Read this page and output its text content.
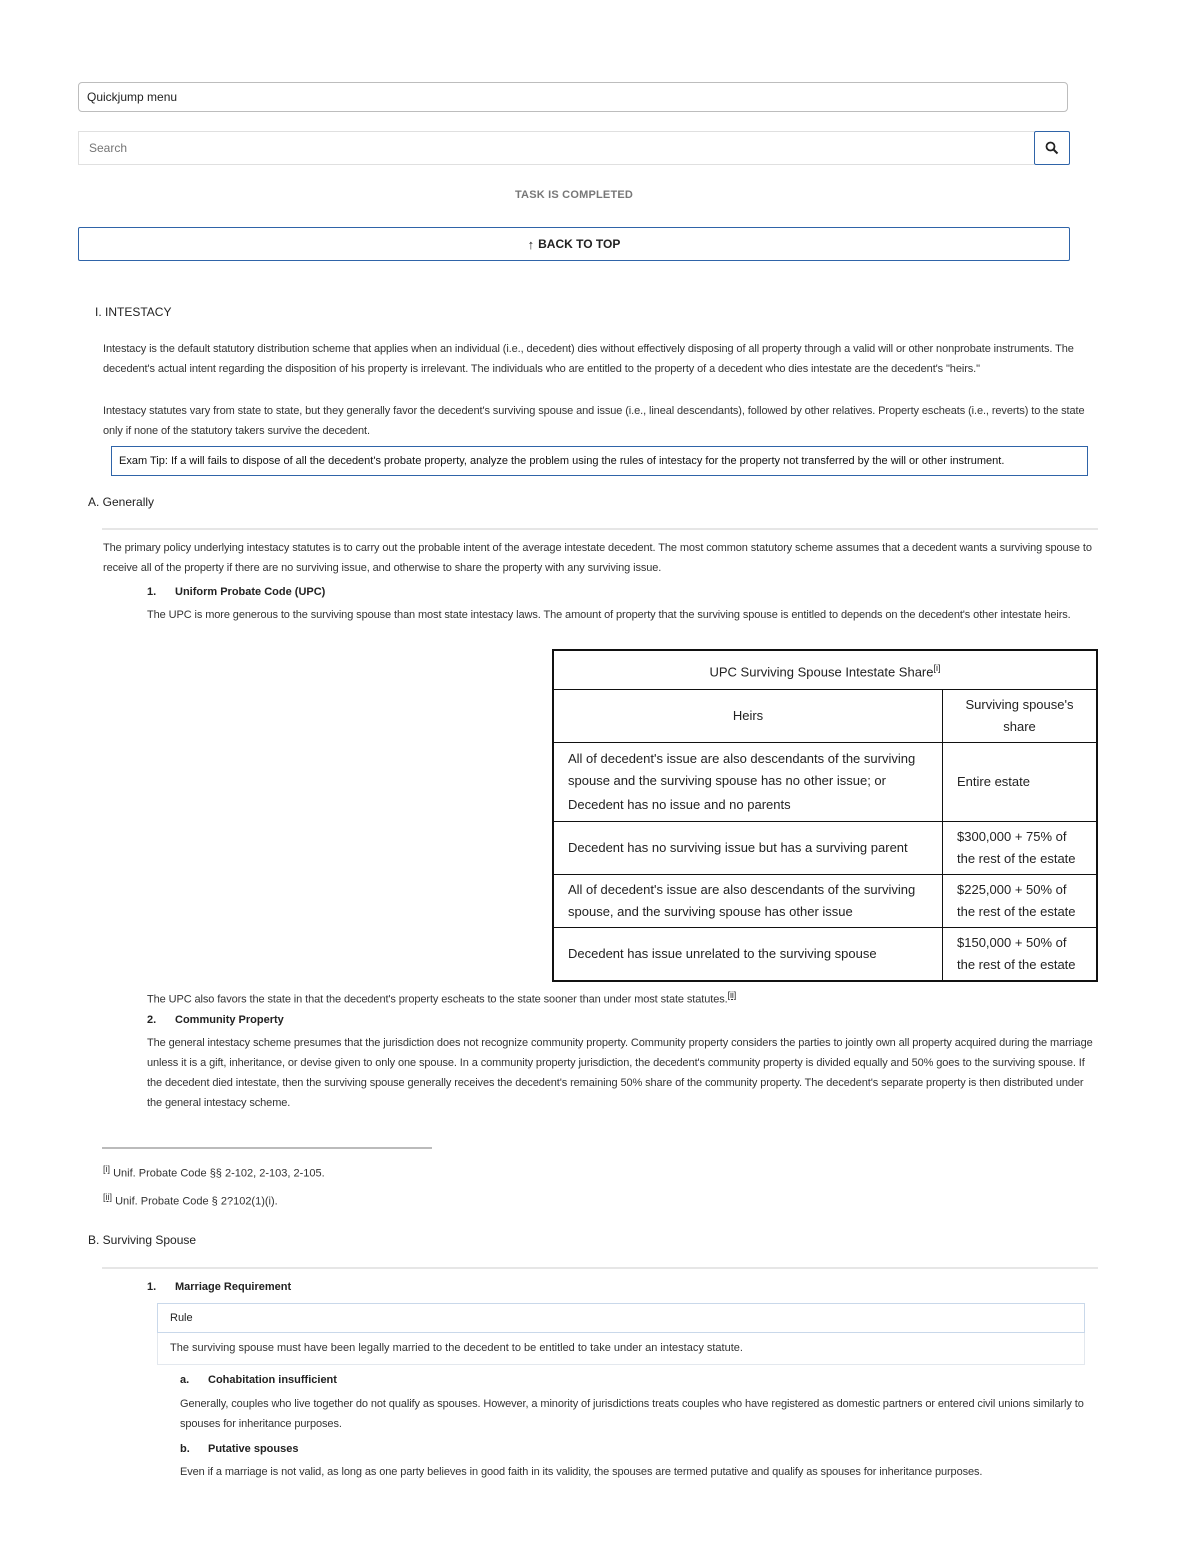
Quickjump menu
Search
TASK IS COMPLETED
↑ BACK TO TOP
I. INTESTACY
Intestacy is the default statutory distribution scheme that applies when an individual (i.e., decedent) dies without effectively disposing of all property through a valid will or other nonprobate instruments. The decedent's actual intent regarding the disposition of his property is irrelevant. The individuals who are entitled to the property of a decedent who dies intestate are the decedent's "heirs."
Intestacy statutes vary from state to state, but they generally favor the decedent's surviving spouse and issue (i.e., lineal descendants), followed by other relatives. Property escheats (i.e., reverts) to the state only if none of the statutory takers survive the decedent.
Exam Tip: If a will fails to dispose of all the decedent's probate property, analyze the problem using the rules of intestacy for the property not transferred by the will or other instrument.
A. Generally
The primary policy underlying intestacy statutes is to carry out the probable intent of the average intestate decedent. The most common statutory scheme assumes that a decedent wants a surviving spouse to receive all of the property if there are no surviving issue, and otherwise to share the property with any surviving issue.
1. Uniform Probate Code (UPC)
The UPC is more generous to the surviving spouse than most state intestacy laws. The amount of property that the surviving spouse is entitled to depends on the decedent's other intestate heirs.
UPC Surviving Spouse Intestate Share[i]
Heirs	Surviving spouse's share

All of decedent's issue are also descendants of the surviving spouse and the surviving spouse has no other issue; or
Decedent has no issue and no parents	Entire estate
Decedent has no surviving issue but has a surviving parent	$300,000 + 75% of the rest of the estate
All of decedent's issue are also descendants of the surviving spouse, and the surviving spouse has other issue	$225,000 + 50% of the rest of the estate
Decedent has issue unrelated to the surviving spouse	$150,000 + 50% of the rest of the estate
The UPC also favors the state in that the decedent's property escheats to the state sooner than under most state statutes.[ii]
2. Community Property
The general intestacy scheme presumes that the jurisdiction does not recognize community property. Community property considers the parties to jointly own all property acquired during the marriage unless it is a gift, inheritance, or devise given to only one spouse. In a community property jurisdiction, the decedent's community property is divided equally and 50% goes to the surviving spouse. If the decedent died intestate, then the surviving spouse generally receives the decedent's remaining 50% share of the community property. The decedent's separate property is then distributed under the general intestacy scheme.
[i] Unif. Probate Code §§ 2-102, 2-103, 2-105.
[ii] Unif. Probate Code § 2?102(1)(i).
B. Surviving Spouse
1. Marriage Requirement
Rule
The surviving spouse must have been legally married to the decedent to be entitled to take under an intestacy statute.
a. Cohabitation insufficient
Generally, couples who live together do not qualify as spouses. However, a minority of jurisdictions treats couples who have registered as domestic partners or entered civil unions similarly to spouses for inheritance purposes.
b. Putative spouses
Even if a marriage is not valid, as long as one party believes in good faith in its validity, the spouses are termed putative and qualify as spouses for inheritance purposes.
